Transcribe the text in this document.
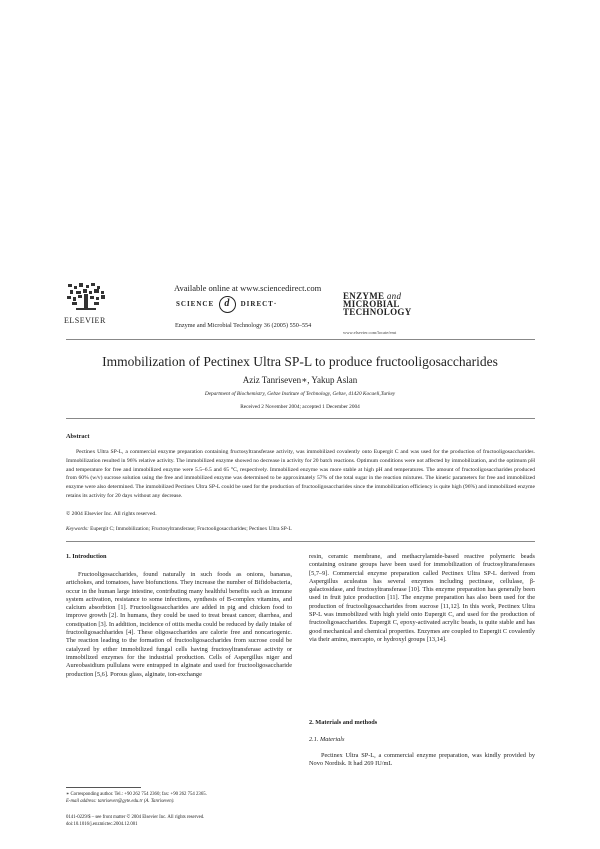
ELSEVIER
Available online at www.sciencedirect.com
SCIENCE d DIRECT·
Enzyme and Microbial Technology 36 (2005) 550–554
ENZYME and
MICROBIAL
TECHNOLOGY
www.elsevier.com/locate/emt
Immobilization of Pectinex Ultra SP-L to produce fructooligosaccharides
Aziz Tanriseven∗, Yakup Aslan
Department of Biochemistry, Gebze Institute of Technology, Gebze, 41420 Kocaeli,Turkey
Received 2 November 2004; accepted 1 December 2004
Abstract
Pectinex Ultra SP-L, a commercial enzyme preparation containing fructosyltransferase activity, was immobilized covalently onto Eupergit C and was used for the production of fructooligosaccharides. Immobilization resulted in 96% relative activity. The immobilized enzyme showed no decrease in activity for 20 batch reactions. Optimum conditions were not affected by immobilization, and the optimum pH and temperature for free and immobilized enzyme were 5.5–6.5 and 65 °C, respectively. Immobilized enzyme was more stable at high pH and temperatures. The amount of fructooligosaccharides produced from 60% (w/v) sucrose solution using the free and immobilized enzyme was determined to be approximately 57% of the total sugar in the reaction mixtures. The kinetic parameters for free and immobilized enzyme were also determined. The immobilized Pectinex Ultra SP-L could be used for the production of fructooligosaccharides since the immobilization efficiency is quite high (96%) and immobilized enzyme retains its activity for 20 days without any decrease.
© 2004 Elsevier Inc. All rights reserved.
Keywords: Eupergit C; Immobilization; Fructosyltransferase; Fructooligosaccharides; Pectinex Ultra SP-L
1. Introduction

Fructooligosaccharides, found naturally in such foods as onions, bananas, artichokes, and tomatoes, have biofunctions. They increase the number of Bifidobacteria, occur in the human large intestine, contributing many healthful benefits such as immune system activation, resistance to some infections, synthesis of B-complex vitamins, and calcium absorbtion [1]. Fructooligosaccharides are added in pig and chicken food to improve growth [2]. In humans, they could be used to treat breast cancer, diarrhea, and constipation [3]. In addition, incidence of otitis media could be reduced by daily intake of fructooligosachharides [4]. These oligosaccharides are calorie free and noncariogenic. The reaction leading to the formation of fructooligosaccharides from sucrose could be catalyzed by either immobilized fungal cells having fructosyltransferase activity or immobilized enzymes for the industrial production. Cells of Aspergillus niger and Aureobasidium pullulans were entrapped in alginate and used for fructooligosaccharide production [5,6]. Porous glass, alginate, ion-exchange

∗ Corresponding author. Tel.: +90 262 754 2360; fax: +90 262 754 2365.
E-mail address: tanriseven@gyte.edu.tr (A. Tanriseven).
0141-0229/$ – see front matter © 2004 Elsevier Inc. All rights reserved.
doi:10.1016/j.enzmictec.2004.12.001

resin, ceramic membrane, and methacrylamide-based reactive polymeric beads containing oxirane groups have been used for immobilization of fructosyltransferases [5,7–9]. Commercial enzyme preparation called Pectinex Ultra SP-L derived from Aspergillus aculeatus has several enzymes including pectinase, cellulase, β-galactosidase, and fructosyltransferase [10]. This enzyme preparation has generally been used in fruit juice production [11]. The enzyme preparation has also been used for the production of fructooligosaccharides from sucrose [11,12]. In this work, Pectinex Ultra SP-L was immobilized with high yield onto Eupergit C, and used for the production of fructooligosaccharides. Eupergit C, epoxy-activated acrylic beads, is quite stable and has good mechanical and chemical properties. Enzymes are coupled to Eupergit C covalently via their amino, mercapto, or hydroxyl groups [13,14].

2. Materials and methods
2.1. Materials

Pectinex Ultra SP-L, a commercial enzyme preparation, was kindly provided by Novo Nordisk. It had 269 IU/mL
